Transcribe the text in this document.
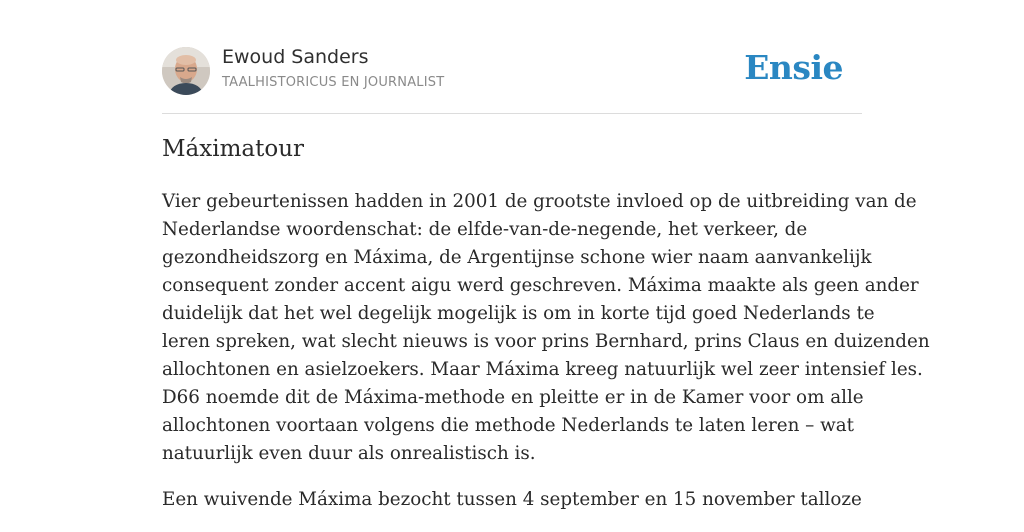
Ewoud Sanders
TAALHISTORICUS EN JOURNALIST	Ensie
Máximatour

Vier gebeurtenissen hadden in 2001 de grootste invloed op de uitbreiding van de
Nederlandse woordenschat: de elfde-van-de-negende, het verkeer, de
gezondheidszorg en Máxima, de Argentijnse schone wier naam aanvankelijk
consequent zonder accent aigu werd geschreven. Máxima maakte als geen ander
duidelijk dat het wel degelijk mogelijk is om in korte tijd goed Nederlands te
leren spreken, wat slecht nieuws is voor prins Bernhard, prins Claus en duizenden
allochtonen en asielzoekers. Maar Máxima kreeg natuurlijk wel zeer intensief les.
D66 noemde dit de Máxima-methode en pleitte er in de Kamer voor om alle
allochtonen voortaan volgens die methode Nederlands te laten leren – wat
natuurlijk even duur als onrealistisch is.

Een wuivende Máxima bezocht tussen 4 september en 15 november talloze
